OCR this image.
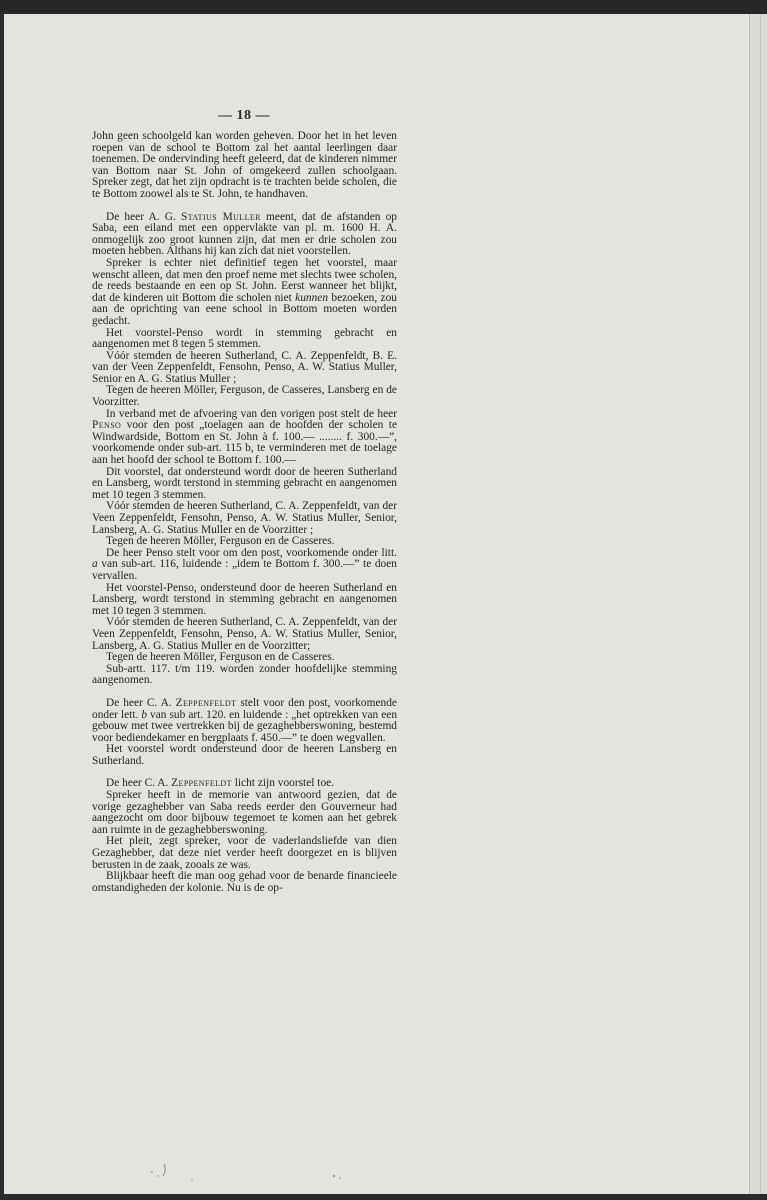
— 18 —

John geen schoolgeld kan worden geheven. Door het in het leven roepen van de school te Bottom zal het aantal leerlingen daar toenemen. De ondervinding heeft geleerd, dat de kinderen nimmer van Bottom naar St. John of omgekeerd zullen schoolgaan. Spreker zegt, dat het zijn opdracht is te trachten beide scholen, die te Bottom zoowel als te St. John, te handhaven.

De heer A. G. Statius Muller meent, dat de afstanden op Saba, een eiland met een oppervlakte van pl. m. 1600 H. A. onmogelijk zoo groot kunnen zijn, dat men er drie scholen zou moeten hebben. Althans hij kan zich dat niet voorstellen.

Spreker is echter niet definitief tegen het voorstel, maar wenscht alleen, dat men den proef neme met slechts twee scholen, de reeds bestaande en een op St. John. Eerst wanneer het blijkt, dat de kinderen uit Bottom die scholen niet kunnen bezoeken, zou aan de oprichting van eene school in Bottom moeten worden gedacht.

Het voorstel-Penso wordt in stemming gebracht en aangenomen met 8 tegen 5 stemmen.

Vóór stemden de heeren Sutherland, C. A. Zeppenfeldt, B. E. van der Veen Zeppenfeldt, Fensohn, Penso, A. W. Statius Muller, Senior en A. G. Statius Muller ;

Tegen de heeren Möller, Ferguson, de Casseres, Lansberg en de Voorzitter.

In verband met de afvoering van den vorigen post stelt de heer Penso voor den post „toelagen aan de hoofden der scholen te Windwardside, Bottom en St. John à f. 100.— ........ f. 300.—”, voorkomende onder sub-art. 115 b, te verminderen met de toelage aan het hoofd der school te Bottom f. 100.—

Dit voorstel, dat ondersteund wordt door de heeren Sutherland en Lansberg, wordt terstond in stemming gebracht en aangenomen met 10 tegen 3 stemmen.

Vóór stemden de heeren Sutherland, C. A. Zeppenfeldt, van der Veen Zeppenfeldt, Fensohn, Penso, A. W. Statius Muller, Senior, Lansberg, A. G. Statius Muller en de Voorzitter ;

Tegen de heeren Möller, Ferguson en de Casseres.

De heer Penso stelt voor om den post, voorkomende onder litt. a van sub-art. 116, luidende : „idem te Bottom f. 300.—” te doen vervallen.

Het voorstel-Penso, ondersteund door de heeren Sutherland en Lansberg, wordt terstond in stemming gebracht en aangenomen met 10 tegen 3 stemmen.

Vóór stemden de heeren Sutherland, C. A. Zeppenfeldt, van der Veen Zeppenfeldt, Fensohn, Penso, A. W. Statius Muller, Senior, Lansberg, A. G. Statius Muller en de Voorzitter;

Tegen de heeren Möller, Ferguson en de Casseres.

Sub-artt. 117. t/m 119. worden zonder hoofdelijke stemming aangenomen.

De heer C. A. Zeppenfeldt stelt voor den post, voorkomende onder lett. b van sub art. 120. en luidende : „het optrekken van een gebouw met twee vertrekken bij de gezaghebberswoning, bestemd voor bediendekamer en bergplaats f. 450.—” te doen wegvallen.

Het voorstel wordt ondersteund door de heeren Lansberg en Sutherland.

De heer C. A. Zeppenfeldt licht zijn voorstel toe.

Spreker heeft in de memorie van antwoord gezien, dat de vorige gezaghebber van Saba reeds eerder den Gouverneur had aangezocht om door bijbouw tegemoet te komen aan het gebrek aan ruimte in de gezaghebberswoning.

Het pleit, zegt spreker, voor de vaderlandsliefde van dien Gezaghebber, dat deze niet verder heeft doorgezet en is blijven berusten in de zaak, zooals ze was.

Blijkbaar heeft die man oog gehad voor de benarde financieele omstandigheden der kolonie. Nu is de op-
